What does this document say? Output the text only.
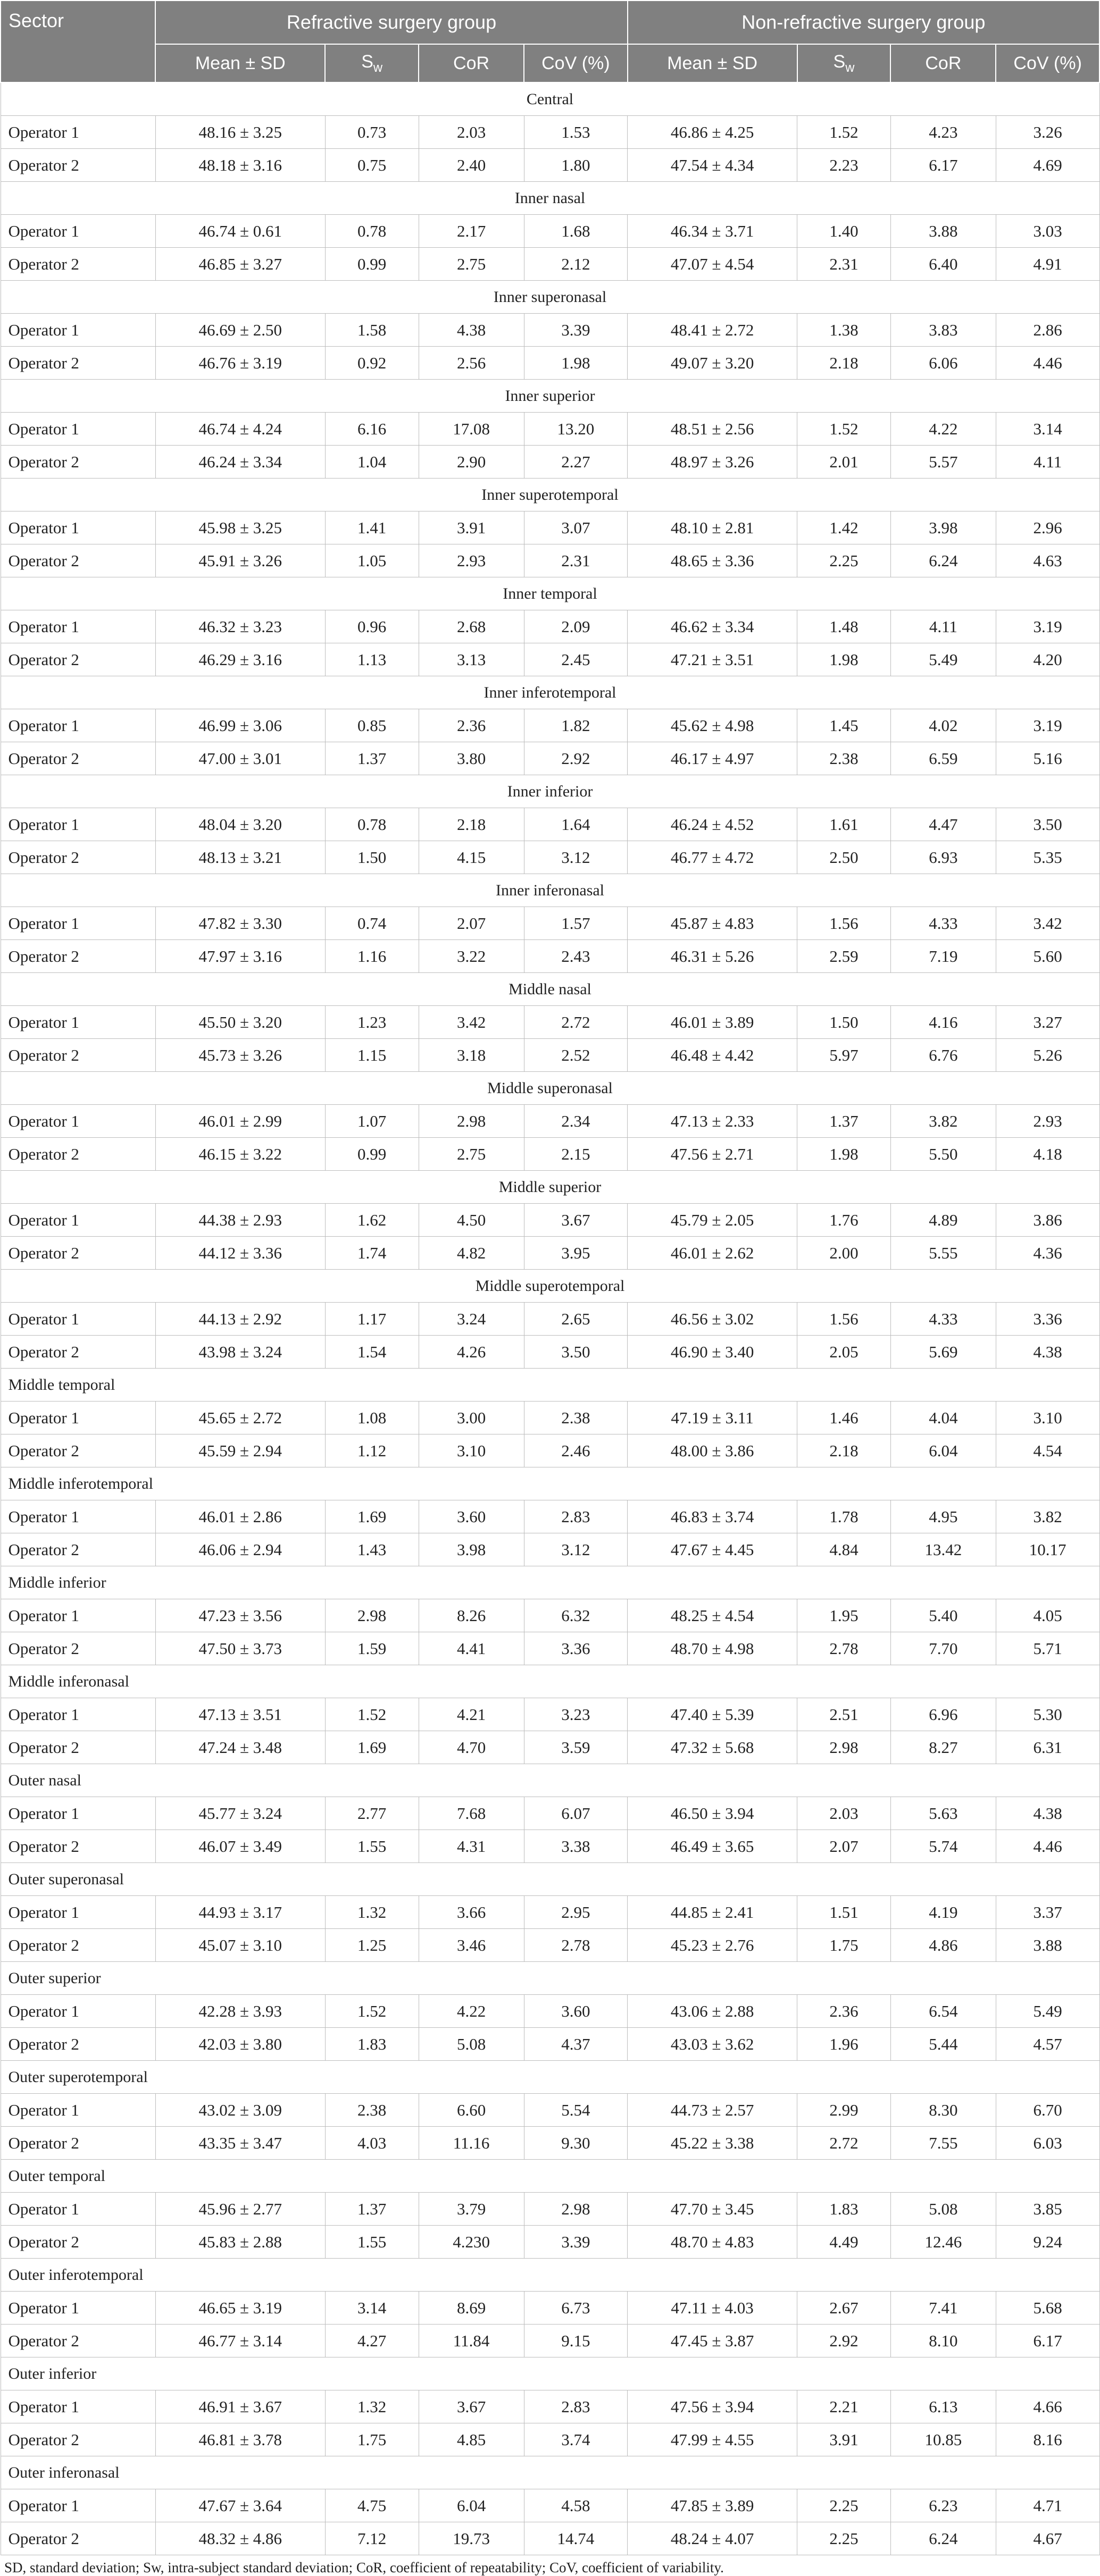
Sector	Refractive surgery group				Non-refractive surgery group			
	Mean ± SD	$S_w$	CoR	CoV (%)	Mean ± SD	$S_w$	CoR	CoV (%)
Central								
Operator 1	48.16 ± 3.25	0.73	2.03	1.53	46.86 ± 4.25	1.52	4.23	3.26
Operator 2	48.18 ± 3.16	0.75	2.40	1.80	47.54 ± 4.34	2.23	6.17	4.69
Inner nasal								
Operator 1	46.74 ± 0.61	0.78	2.17	1.68	46.34 ± 3.71	1.40	3.88	3.03
Operator 2	46.85 ± 3.27	0.99	2.75	2.12	47.07 ± 4.54	2.31	6.40	4.91
Inner superonasal								
Operator 1	46.69 ± 2.50	1.58	4.38	3.39	48.41 ± 2.72	1.38	3.83	2.86
Operator 2	46.76 ± 3.19	0.92	2.56	1.98	49.07 ± 3.20	2.18	6.06	4.46
Inner superior								
Operator 1	46.74 ± 4.24	6.16	17.08	13.20	48.51 ± 2.56	1.52	4.22	3.14
Operator 2	46.24 ± 3.34	1.04	2.90	2.27	48.97 ± 3.26	2.01	5.57	4.11
Inner superotemporal								
Operator 1	45.98 ± 3.25	1.41	3.91	3.07	48.10 ± 2.81	1.42	3.98	2.96
Operator 2	45.91 ± 3.26	1.05	2.93	2.31	48.65 ± 3.36	2.25	6.24	4.63
Inner temporal								
Operator 1	46.32 ± 3.23	0.96	2.68	2.09	46.62 ± 3.34	1.48	4.11	3.19
Operator 2	46.29 ± 3.16	1.13	3.13	2.45	47.21 ± 3.51	1.98	5.49	4.20
Inner inferotemporal								
Operator 1	46.99 ± 3.06	0.85	2.36	1.82	45.62 ± 4.98	1.45	4.02	3.19
Operator 2	47.00 ± 3.01	1.37	3.80	2.92	46.17 ± 4.97	2.38	6.59	5.16
Inner inferior								
Operator 1	48.04 ± 3.20	0.78	2.18	1.64	46.24 ± 4.52	1.61	4.47	3.50
Operator 2	48.13 ± 3.21	1.50	4.15	3.12	46.77 ± 4.72	2.50	6.93	5.35
Inner inferonasal								
Operator 1	47.82 ± 3.30	0.74	2.07	1.57	45.87 ± 4.83	1.56	4.33	3.42
Operator 2	47.97 ± 3.16	1.16	3.22	2.43	46.31 ± 5.26	2.59	7.19	5.60
Middle nasal								
Operator 1	45.50 ± 3.20	1.23	3.42	2.72	46.01 ± 3.89	1.50	4.16	3.27
Operator 2	45.73 ± 3.26	1.15	3.18	2.52	46.48 ± 4.42	5.97	6.76	5.26
Middle superonasal								
Operator 1	46.01 ± 2.99	1.07	2.98	2.34	47.13 ± 2.33	1.37	3.82	2.93
Operator 2	46.15 ± 3.22	0.99	2.75	2.15	47.56 ± 2.71	1.98	5.50	4.18
Middle superior								
Operator 1	44.38 ± 2.93	1.62	4.50	3.67	45.79 ± 2.05	1.76	4.89	3.86
Operator 2	44.12 ± 3.36	1.74	4.82	3.95	46.01 ± 2.62	2.00	5.55	4.36
Middle superotemporal								
Operator 1	44.13 ± 2.92	1.17	3.24	2.65	46.56 ± 3.02	1.56	4.33	3.36
Operator 2	43.98 ± 3.24	1.54	4.26	3.50	46.90 ± 3.40	2.05	5.69	4.38
Middle temporal								
Operator 1	45.65 ± 2.72	1.08	3.00	2.38	47.19 ± 3.11	1.46	4.04	3.10
Operator 2	45.59 ± 2.94	1.12	3.10	2.46	48.00 ± 3.86	2.18	6.04	4.54
Middle inferotemporal								
Operator 1	46.01 ± 2.86	1.69	3.60	2.83	46.83 ± 3.74	1.78	4.95	3.82
Operator 2	46.06 ± 2.94	1.43	3.98	3.12	47.67 ± 4.45	4.84	13.42	10.17
Middle inferior								
Operator 1	47.23 ± 3.56	2.98	8.26	6.32	48.25 ± 4.54	1.95	5.40	4.05
Operator 2	47.50 ± 3.73	1.59	4.41	3.36	48.70 ± 4.98	2.78	7.70	5.71
Middle inferonasal								
Operator 1	47.13 ± 3.51	1.52	4.21	3.23	47.40 ± 5.39	2.51	6.96	5.30
Operator 2	47.24 ± 3.48	1.69	4.70	3.59	47.32 ± 5.68	2.98	8.27	6.31
Outer nasal								
Operator 1	45.77 ± 3.24	2.77	7.68	6.07	46.50 ± 3.94	2.03	5.63	4.38
Operator 2	46.07 ± 3.49	1.55	4.31	3.38	46.49 ± 3.65	2.07	5.74	4.46
Outer superonasal								
Operator 1	44.93 ± 3.17	1.32	3.66	2.95	44.85 ± 2.41	1.51	4.19	3.37
Operator 2	45.07 ± 3.10	1.25	3.46	2.78	45.23 ± 2.76	1.75	4.86	3.88
Outer superior								
Operator 1	42.28 ± 3.93	1.52	4.22	3.60	43.06 ± 2.88	2.36	6.54	5.49
Operator 2	42.03 ± 3.80	1.83	5.08	4.37	43.03 ± 3.62	1.96	5.44	4.57
Outer superotemporal								
Operator 1	43.02 ± 3.09	2.38	6.60	5.54	44.73 ± 2.57	2.99	8.30	6.70
Operator 2	43.35 ± 3.47	4.03	11.16	9.30	45.22 ± 3.38	2.72	7.55	6.03
Outer temporal								
Operator 1	45.96 ± 2.77	1.37	3.79	2.98	47.70 ± 3.45	1.83	5.08	3.85
Operator 2	45.83 ± 2.88	1.55	4.230	3.39	48.70 ± 4.83	4.49	12.46	9.24
Outer inferotemporal								
Operator 1	46.65 ± 3.19	3.14	8.69	6.73	47.11 ± 4.03	2.67	7.41	5.68
Operator 2	46.77 ± 3.14	4.27	11.84	9.15	47.45 ± 3.87	2.92	8.10	6.17
Outer inferior								
Operator 1	46.91 ± 3.67	1.32	3.67	2.83	47.56 ± 3.94	2.21	6.13	4.66
Operator 2	46.81 ± 3.78	1.75	4.85	3.74	47.99 ± 4.55	3.91	10.85	8.16
Outer inferonasal								
Operator 1	47.67 ± 3.64	4.75	6.04	4.58	47.85 ± 3.89	2.25	6.23	4.71
Operator 2	48.32 ± 4.86	7.12	19.73	14.74	48.24 ± 4.07	2.25	6.24	4.67
SD, standard deviation; Sw, intra-subject standard deviation; CoR, coefficient of repeatability; CoV, coefficient of variability.
